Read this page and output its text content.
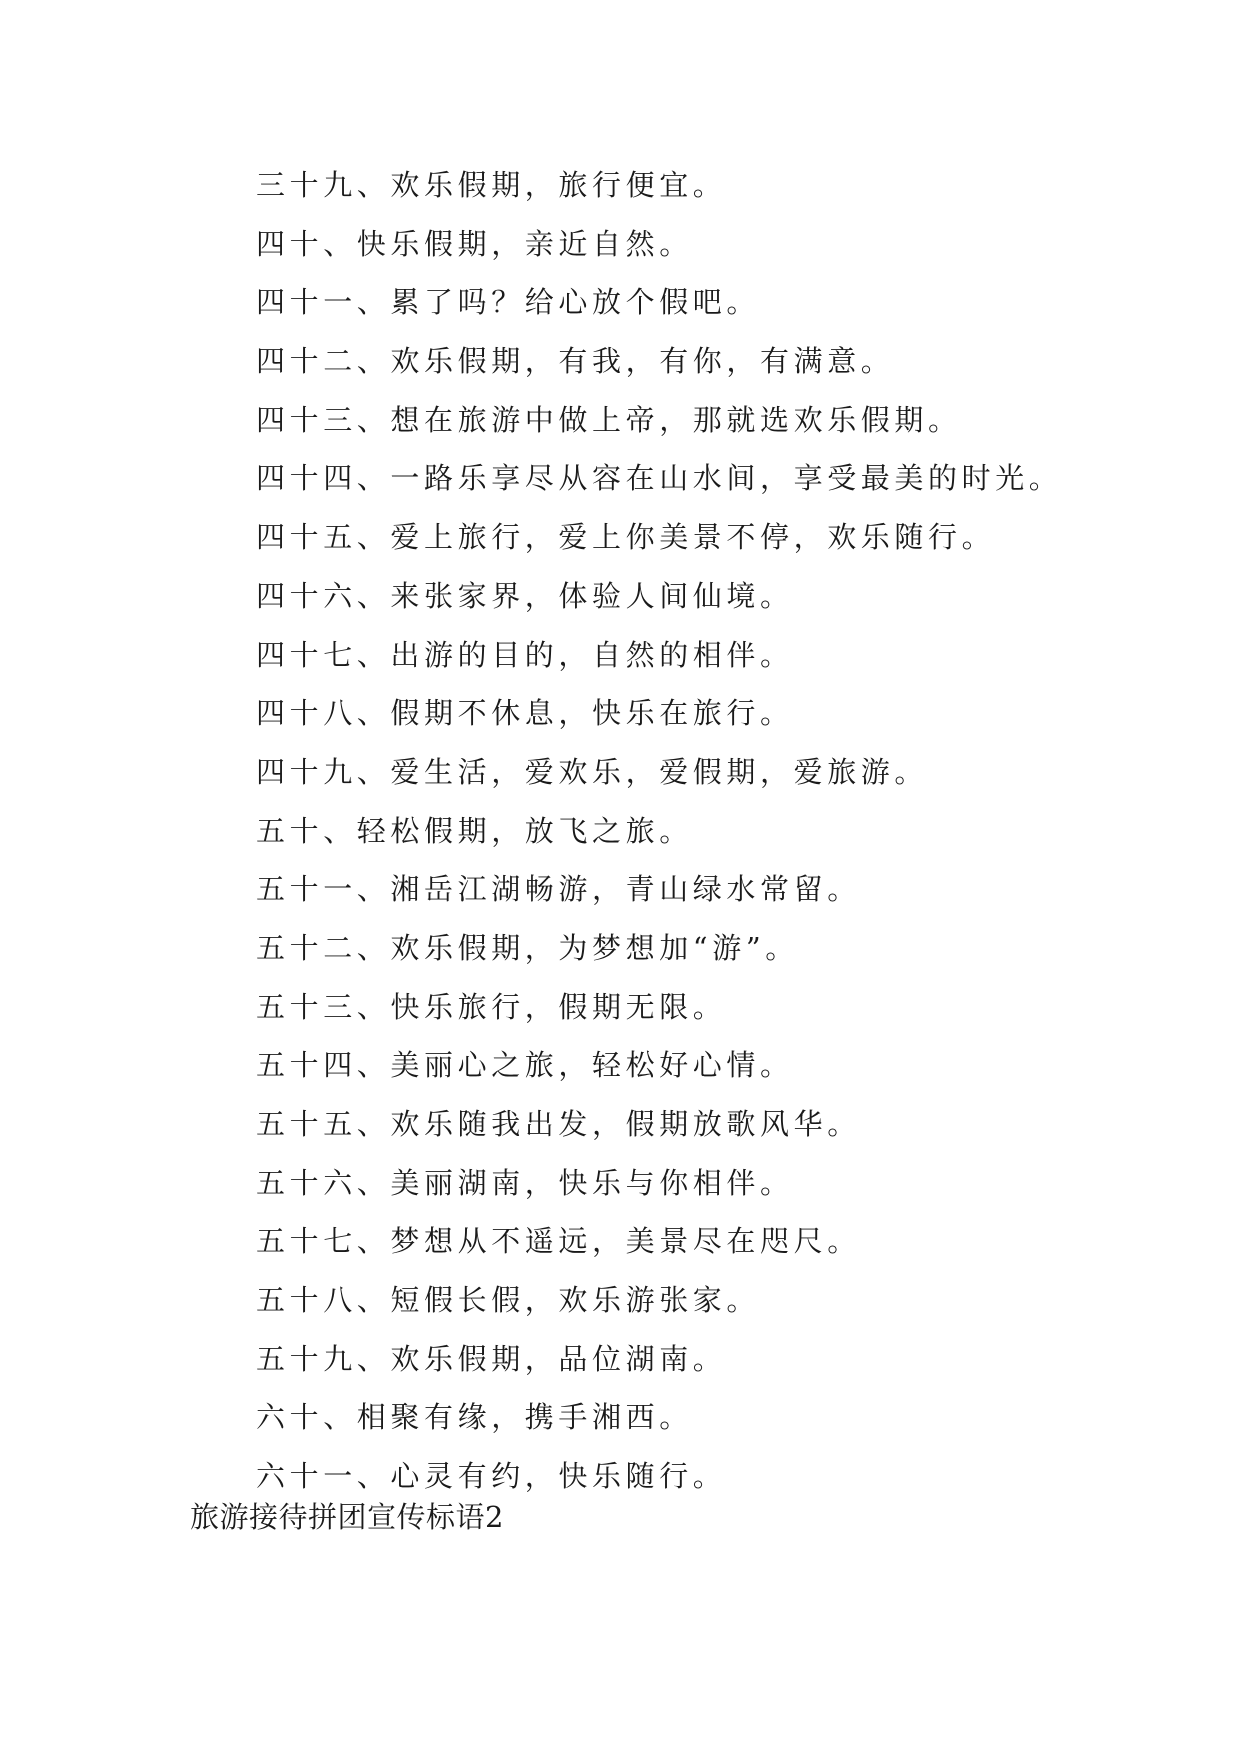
三十九、欢乐假期，旅行便宜。
四十、快乐假期，亲近自然。
四十一、累了吗？给心放个假吧。
四十二、欢乐假期，有我，有你，有满意。
四十三、想在旅游中做上帝，那就选欢乐假期。
四十四、一路乐享尽从容在山水间，享受最美的时光。
四十五、爱上旅行，爱上你美景不停，欢乐随行。
四十六、来张家界，体验人间仙境。
四十七、出游的目的，自然的相伴。
四十八、假期不休息，快乐在旅行。
四十九、爱生活，爱欢乐，爱假期，爱旅游。
五十、轻松假期，放飞之旅。
五十一、湘岳江湖畅游，青山绿水常留。
五十二、欢乐假期，为梦想加“游”。
五十三、快乐旅行，假期无限。
五十四、美丽心之旅，轻松好心情。
五十五、欢乐随我出发，假期放歌风华。
五十六、美丽湖南，快乐与你相伴。
五十七、梦想从不遥远，美景尽在咫尺。
五十八、短假长假，欢乐游张家。
五十九、欢乐假期，品位湖南。
六十、相聚有缘，携手湘西。
六十一、心灵有约，快乐随行。
旅游接待拼团宣传标语2
